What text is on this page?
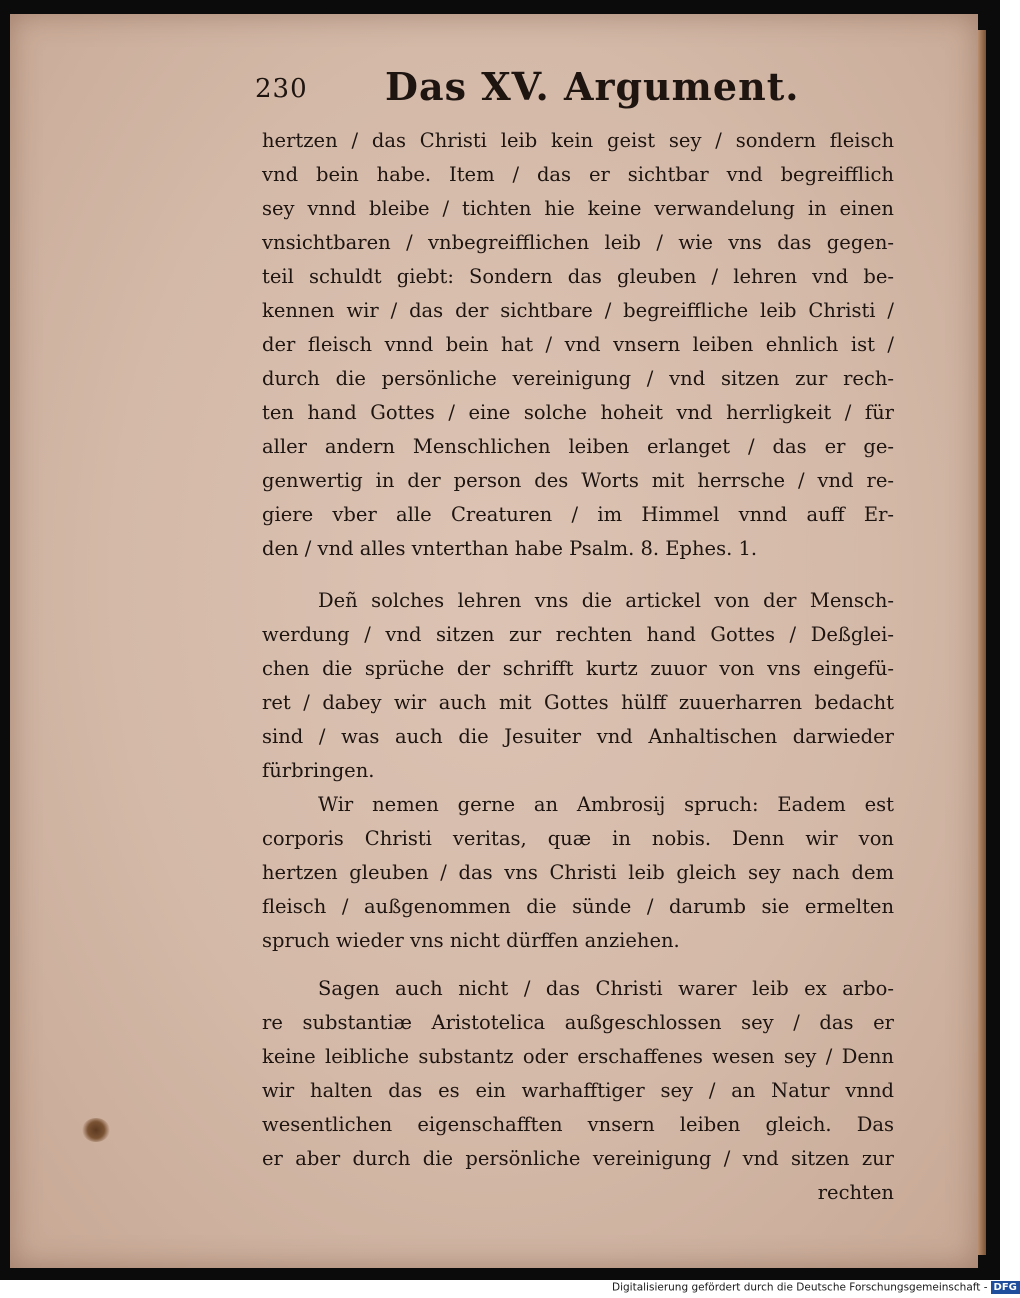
230 Das XV. Argument.
hertzen / das Christi leib kein geist sey / sondern fleisch
vnd bein habe. Item / das er sichtbar vnd begreifflich
sey vnnd bleibe / tichten hie keine verwandelung in einen
vnsichtbaren / vnbegreifflichen leib / wie vns das gegen-
teil schuldt giebt: Sondern das gleuben / lehren vnd be-
kennen wir / das der sichtbare / begreiffliche leib Christi /
der fleisch vnnd bein hat / vnd vnsern leiben ehnlich ist /
durch die persönliche vereinigung / vnd sitzen zur rech-
ten hand Gottes / eine solche hoheit vnd herrligkeit / für
aller andern Menschlichen leiben erlanget / das er ge-
genwertig in der person des Worts mit herrsche / vnd re-
giere vber alle Creaturen / im Himmel vnnd auff Er-
den / vnd alles vnterthan habe Psalm. 8. Ephes. 1.
Deñ solches lehren vns die artickel von der Mensch-
werdung / vnd sitzen zur rechten hand Gottes / Deßglei-
chen die sprüche der schrifft kurtz zuuor von vns eingefü-
ret / dabey wir auch mit Gottes hülff zuuerharren bedacht
sind / was auch die Jesuiter vnd Anhaltischen darwieder
fürbringen.
Wir nemen gerne an Ambrosij spruch: Eadem est
corporis Christi veritas, quæ in nobis. Denn wir von
hertzen gleuben / das vns Christi leib gleich sey nach dem
fleisch / außgenommen die sünde / darumb sie ermelten
spruch wieder vns nicht dürffen anziehen.
Sagen auch nicht / das Christi warer leib ex arbo-
re substantiæ Aristotelica außgeschlossen sey / das er
keine leibliche substantz oder erschaffenes wesen sey / Denn
wir halten das es ein warhafftiger sey / an Natur vnnd
wesentlichen eigenschafften vnsern leiben gleich. Das
er aber durch die persönliche vereinigung / vnd sitzen zur
rechten
Digitalisierung gefördert durch die Deutsche Forschungsgemeinschaft - DFG
